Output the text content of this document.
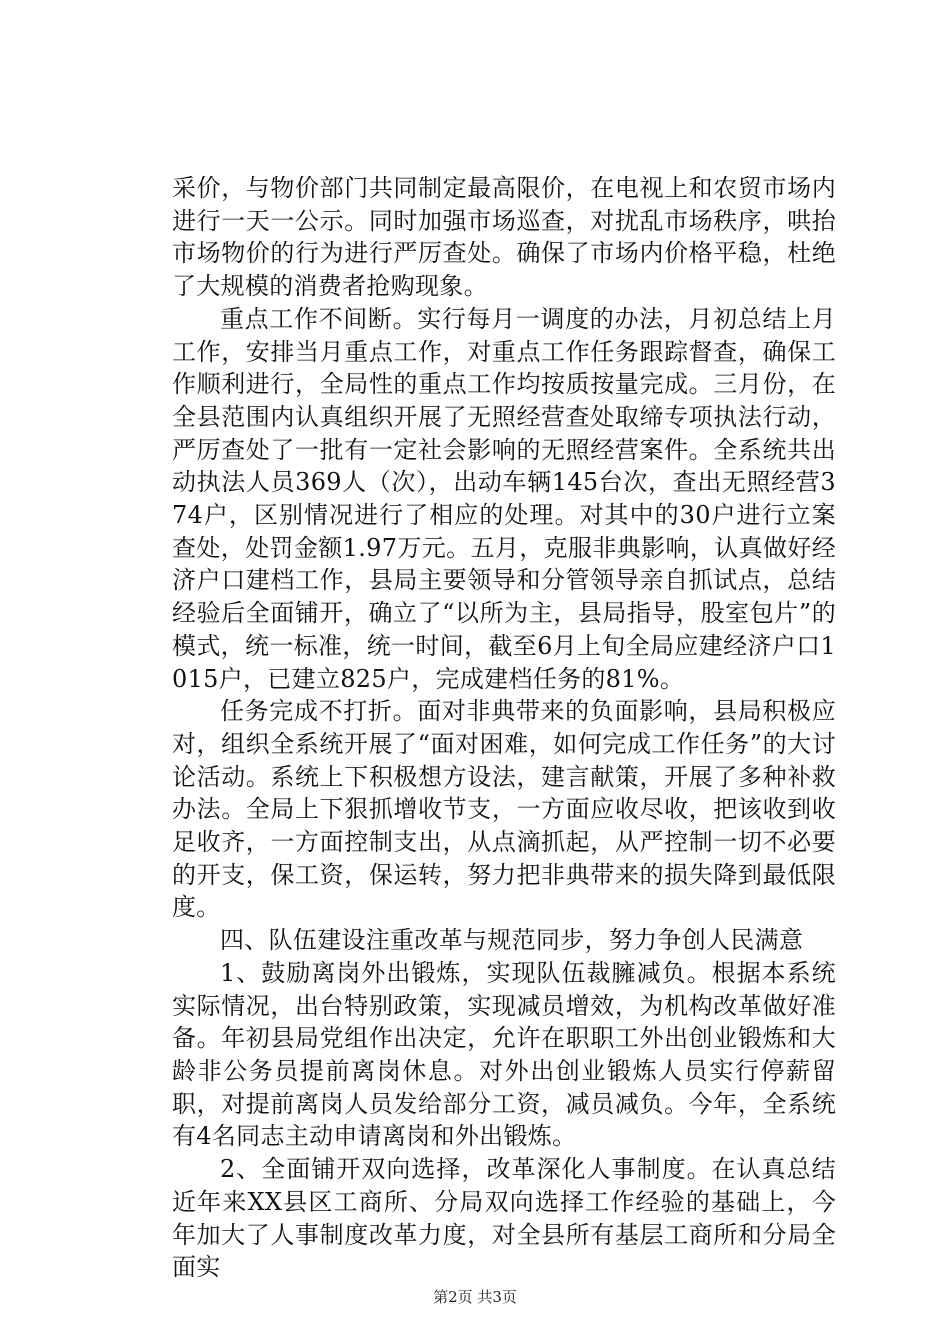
采价，与物价部门共同制定最高限价，在电视上和农贸市场内进行一天一公示。同时加强市场巡查，对扰乱市场秩序，哄抬市场物价的行为进行严厉查处。确保了市场内价格平稳，杜绝了大规模的消费者抢购现象。

重点工作不间断。实行每月一调度的办法，月初总结上月工作，安排当月重点工作，对重点工作任务跟踪督查，确保工作顺利进行，全局性的重点工作均按质按量完成。三月份，在全县范围内认真组织开展了无照经营查处取缔专项执法行动，严厉查处了一批有一定社会影响的无照经营案件。全系统共出动执法人员369人（次），出动车辆145台次，查出无照经营374户，区别情况进行了相应的处理。对其中的30户进行立案查处，处罚金额1.97万元。五月，克服非典影响，认真做好经济户口建档工作，县局主要领导和分管领导亲自抓试点，总结经验后全面铺开，确立了“以所为主，县局指导，股室包片”的模式，统一标准，统一时间，截至6月上旬全局应建经济户口1015户，已建立825户，完成建档任务的81%。

任务完成不打折。面对非典带来的负面影响，县局积极应对，组织全系统开展了“面对困难，如何完成工作任务”的大讨论活动。系统上下积极想方设法，建言献策，开展了多种补救办法。全局上下狠抓增收节支，一方面应收尽收，把该收到收足收齐，一方面控制支出，从点滴抓起，从严控制一切不必要的开支，保工资，保运转，努力把非典带来的损失降到最低限度。

四、队伍建设注重改革与规范同步，努力争创人民满意

1、鼓励离岗外出锻炼，实现队伍裁臃减负。根据本系统实际情况，出台特别政策，实现减员增效，为机构改革做好准备。年初县局党组作出决定，允许在职职工外出创业锻炼和大龄非公务员提前离岗休息。对外出创业锻炼人员实行停薪留职，对提前离岗人员发给部分工资，减员减负。今年，全系统有4名同志主动申请离岗和外出锻炼。

2、全面铺开双向选择，改革深化人事制度。在认真总结近年来XX县区工商所、分局双向选择工作经验的基础上，今年加大了人事制度改革力度，对全县所有基层工商所和分局全面实

第2页 共3页
